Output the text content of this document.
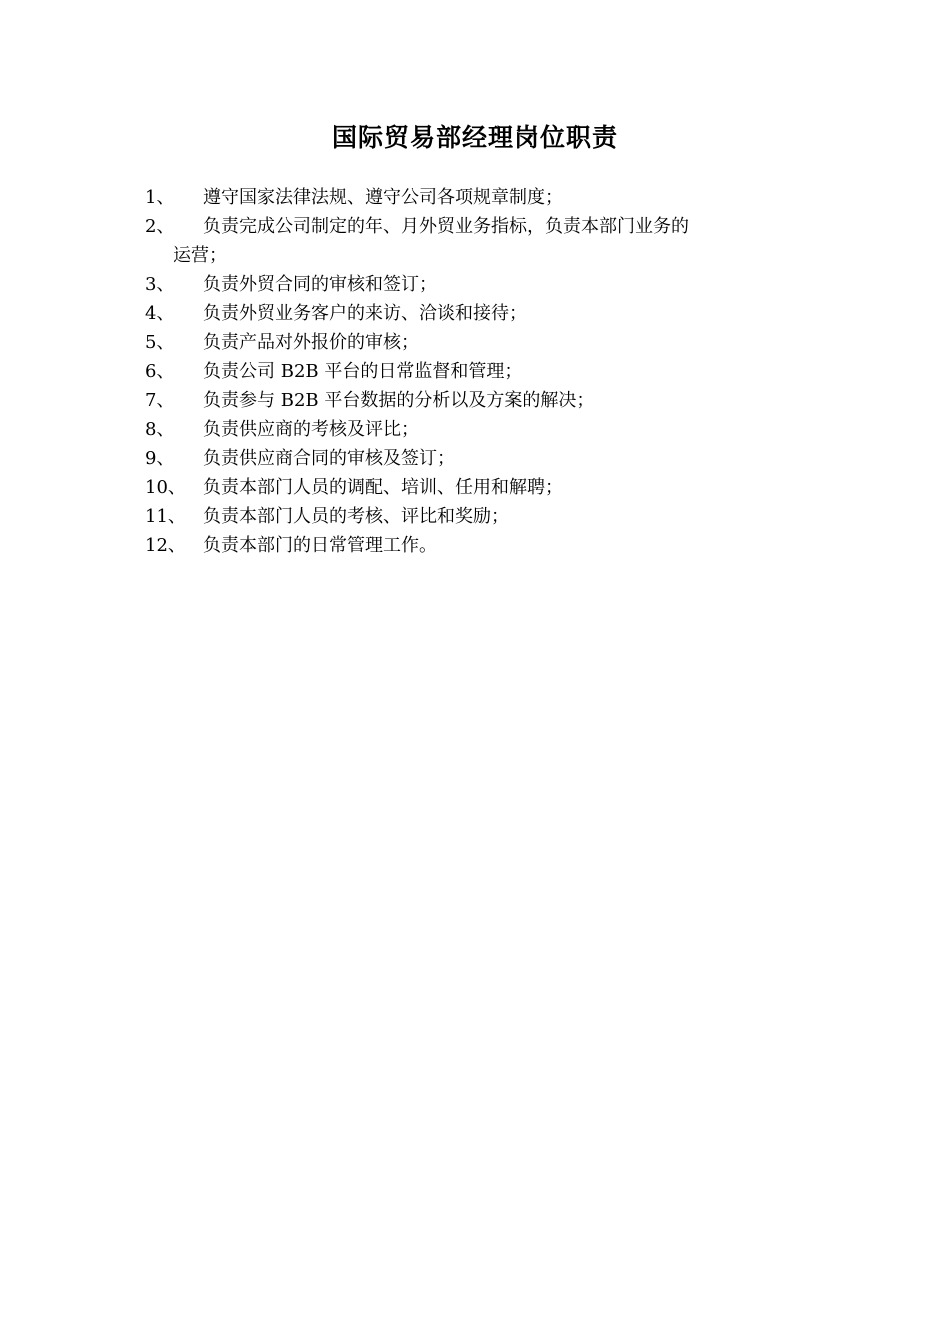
国际贸易部经理岗位职责
1、	遵守国家法律法规、遵守公司各项规章制度；
2、	负责完成公司制定的年、月外贸业务指标，负责本部门业务的
运营；
3、	负责外贸合同的审核和签订；
4、	负责外贸业务客户的来访、洽谈和接待；
5、	负责产品对外报价的审核；
6、	负责公司 B2B 平台的日常监督和管理；
7、	负责参与 B2B 平台数据的分析以及方案的解决；
8、	负责供应商的考核及评比；
9、	负责供应商合同的审核及签订；
10、 负责本部门人员的调配、培训、任用和解聘；
11、 负责本部门人员的考核、评比和奖励；
12、 负责本部门的日常管理工作。
